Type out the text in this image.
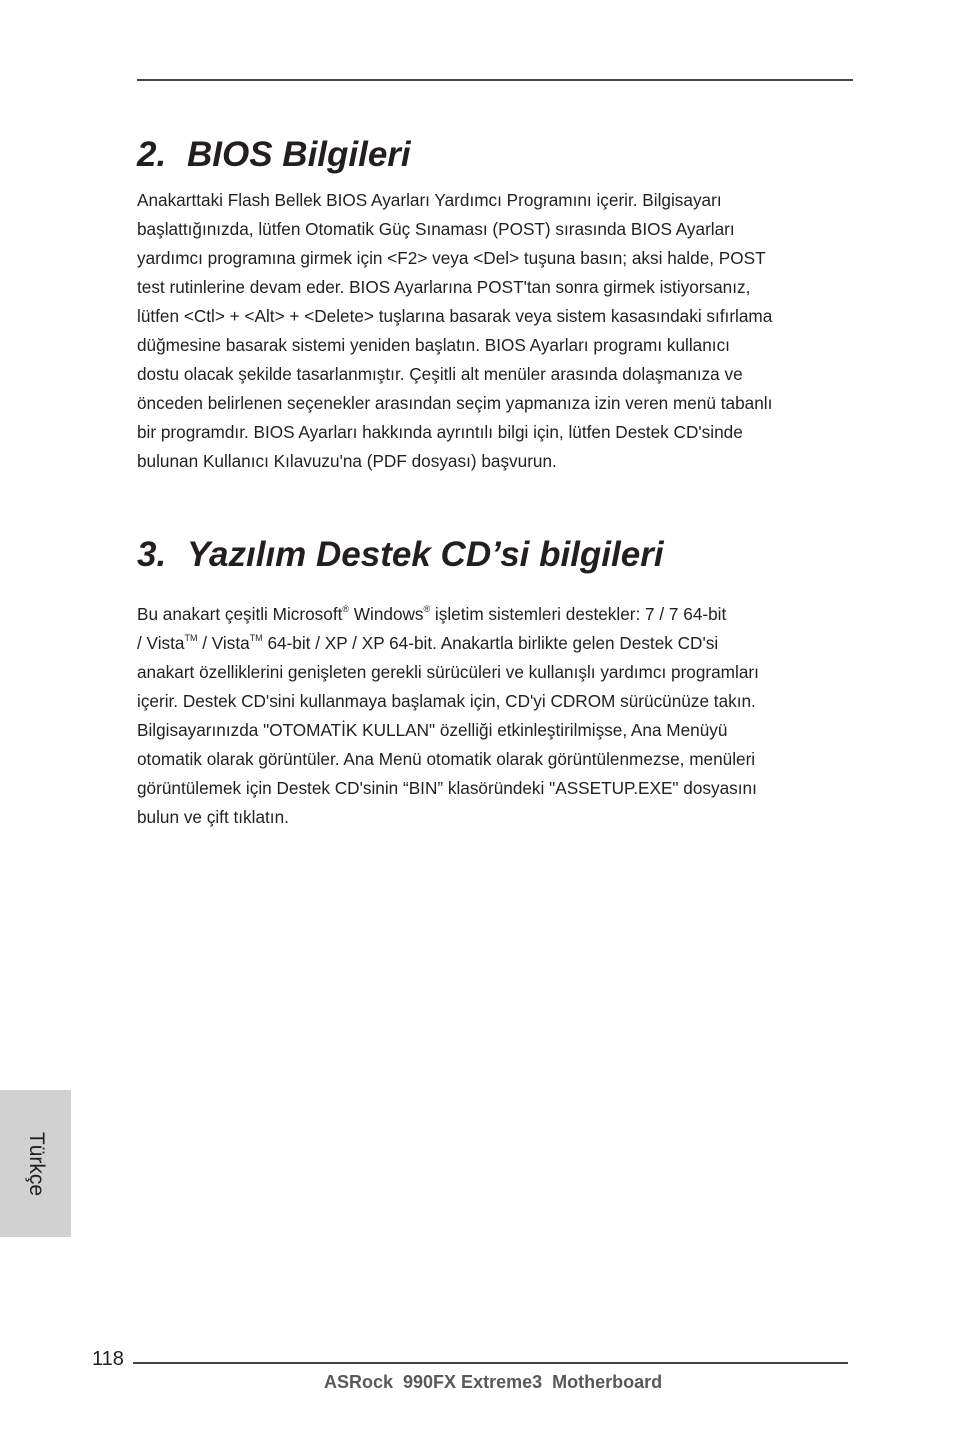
2. BIOS Bilgileri
Anakarttaki Flash Bellek BIOS Ayarları Yardımcı Programını içerir. Bilgisayarı
başlattığınızda, lütfen Otomatik Güç Sınaması (POST) sırasında BIOS Ayarları
yardımcı programına girmek için <F2> veya <Del> tuşuna basın; aksi halde, POST
test rutinlerine devam eder. BIOS Ayarlarına POST'tan sonra girmek istiyorsanız,
lütfen <Ctl> + <Alt> + <Delete> tuşlarına basarak veya sistem kasasındaki sıfırlama
düğmesine basarak sistemi yeniden başlatın. BIOS Ayarları programı kullanıcı
dostu olacak şekilde tasarlanmıştır. Çeşitli alt menüler arasında dolaşmanıza ve
önceden belirlenen seçenekler arasından seçim yapmanıza izin veren menü tabanlı
bir programdır. BIOS Ayarları hakkında ayrıntılı bilgi için, lütfen Destek CD'sinde
bulunan Kullanıcı Kılavuzu'na (PDF dosyası) başvurun.
3. Yazılım Destek CD’si bilgileri
Bu anakart çeşitli Microsoft® Windows® işletim sistemleri destekler: 7 / 7 64-bit
/ Vista™ / Vista™ 64-bit / XP / XP 64-bit. Anakartla birlikte gelen Destek CD'si
anakart özelliklerini genişleten gerekli sürücüleri ve kullanışlı yardımcı programları
içerir. Destek CD'sini kullanmaya başlamak için, CD'yi CDROM sürücünüze takın.
Bilgisayarınızda "OTOMATİK KULLAN" özelliği etkinleştirilmişse, Ana Menüyü
otomatik olarak görüntüler. Ana Menü otomatik olarak görüntülenmezse, menüleri
görüntülemek için Destek CD'sinin “BIN” klasöründeki "ASSETUP.EXE" dosyasını
bulun ve çift tıklatın.
Türkçe
118
ASRock  990FX Extreme3  Motherboard
